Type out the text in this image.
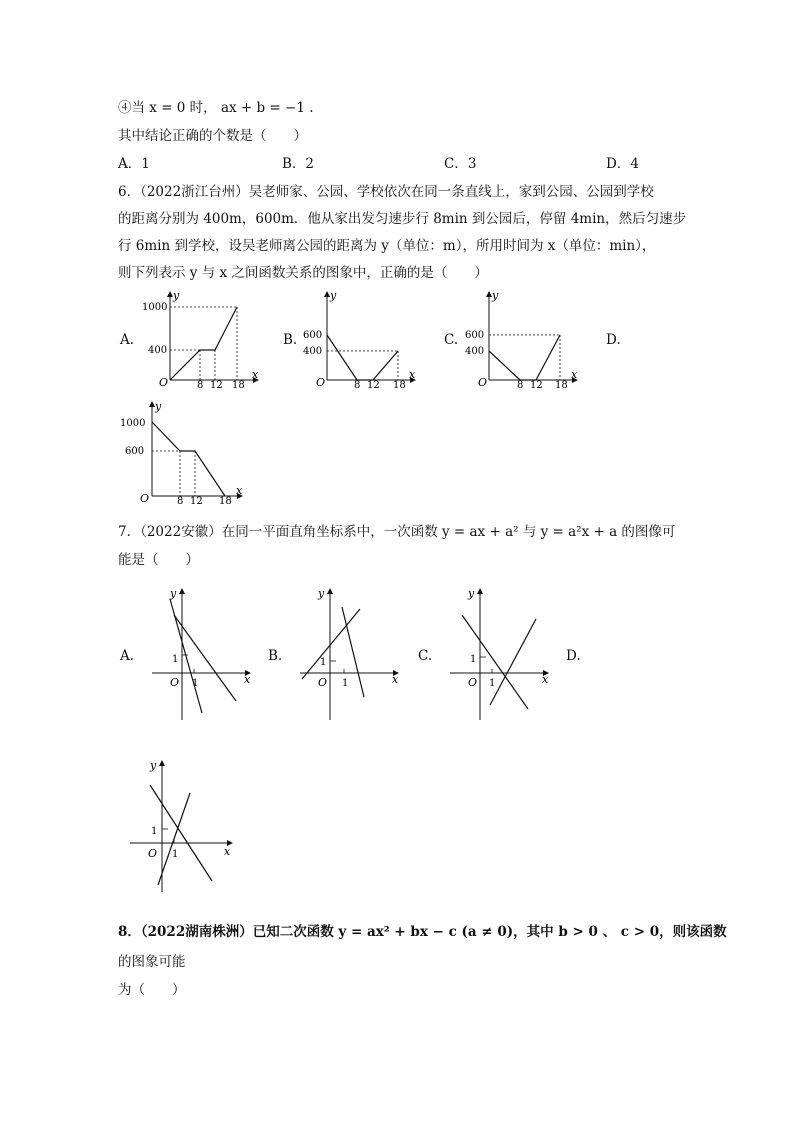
④当 x = 0 时， ax + b = −1 .
其中结论正确的个数是（　　）
A．1	B．2	C．3	D．4
6．（2022浙江台州）吴老师家、公园、学校依次在同一条直线上，家到公园、公园到学校
的距离分别为 400m，600m．他从家出发匀速步行 8min 到公园后，停留 4min，然后匀速步
行 6min 到学校，设吴老师离公园的距离为 y（单位：m），所用时间为 x（单位：min），
则下列表示 y 与 x 之间函数关系的图象中，正确的是（　　）
A.	B.	C.	D.
y
x
O
1000
400
8 12 18
y
x
O
600
400
8 12 18
y
x
O
600
400
8 12 18
y
x
O
1000
600
8 12 18
7．（2022安徽）在同一平面直角坐标系中，一次函数 y = ax + a² 与 y = a²x + a 的图像可
能是（　　）
A.	B.	C.	D.
y
x
O
1
1
y
x
O
1
1
y
x
O
1
1
y
x
O
1
1
8．（2022湖南株洲）已知二次函数 y = ax² + bx − c (a ≠ 0)，其中 b > 0 、 c > 0，则该函数
的图象可能
为（　　）
